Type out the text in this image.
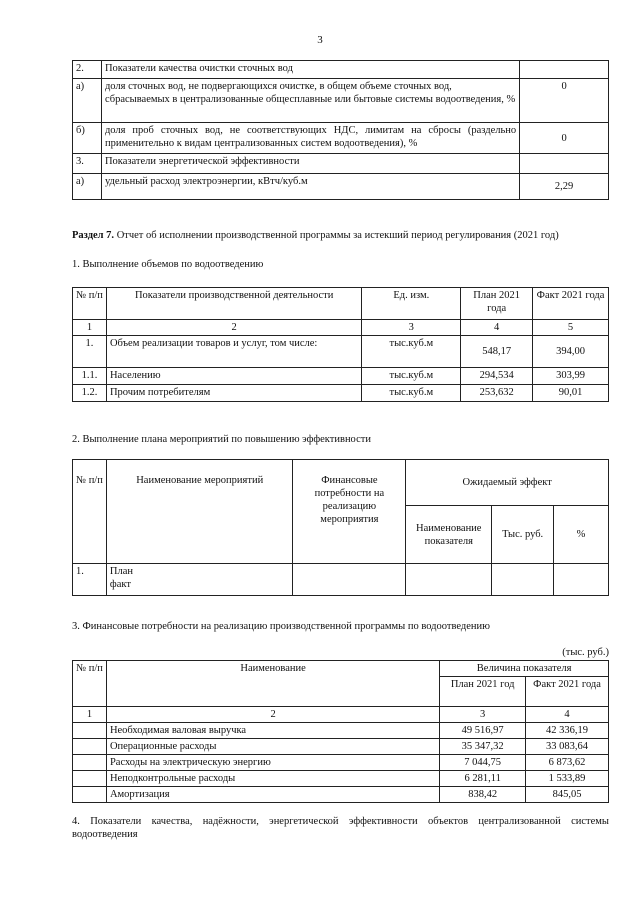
3
2.	Показатели качества очистки сточных вод	
а)	доля сточных вод, не подвергающихся очистке, в общем объеме сточных вод, сбрасываемых в централизованные общесплавные или бытовые системы водоотведения, %	0
б)	доля проб сточных вод, не соответствующих НДС, лимитам на сбросы (раздельно применительно к видам централизованных систем водоотведения), %	0
3.	Показатели энергетической эффективности	
а)	удельный расход электроэнергии, кВтч/куб.м	2,29
Раздел 7. Отчет об исполнении производственной программы за истекший период регулирования (2021 год)
1. Выполнение объемов по водоотведению
№ п/п	Показатели производственной деятельности	Ед. изм.	План 2021 года	Факт 2021 года
1	2	3	4	5
1.	Объем реализации товаров и услуг, том числе:	тыс.куб.м	548,17	394,00
1.1.	Населению	тыс.куб.м	294,534	303,99
1.2.	Прочим потребителям	тыс.куб.м	253,632	90,01
2. Выполнение плана мероприятий по повышению эффективности
№ п/п	Наименование мероприятий	Финансовые потребности на реализацию мероприятия	Ожидаемый эффект		
			Наименование показателя	Тыс. руб.	%
1.	План
факт				

3. Финансовые потребности на реализацию производственной программы по водоотведению
(тыс. руб.)
№ п/п	Наименование	Величина показателя	
		План 2021 год	Факт 2021 года
1	2	3	4
	Необходимая валовая выручка	49 516,97	42 336,19
	Операционные расходы	35 347,32	33 083,64
	Расходы на электрическую энергию	7 044,75	6 873,62
	Неподконтрольные расходы	6 281,11	1 533,89
	Амортизация	838,42	845,05
4. Показатели качества, надёжности, энергетической эффективности объектов централизованной системы водоотведения
